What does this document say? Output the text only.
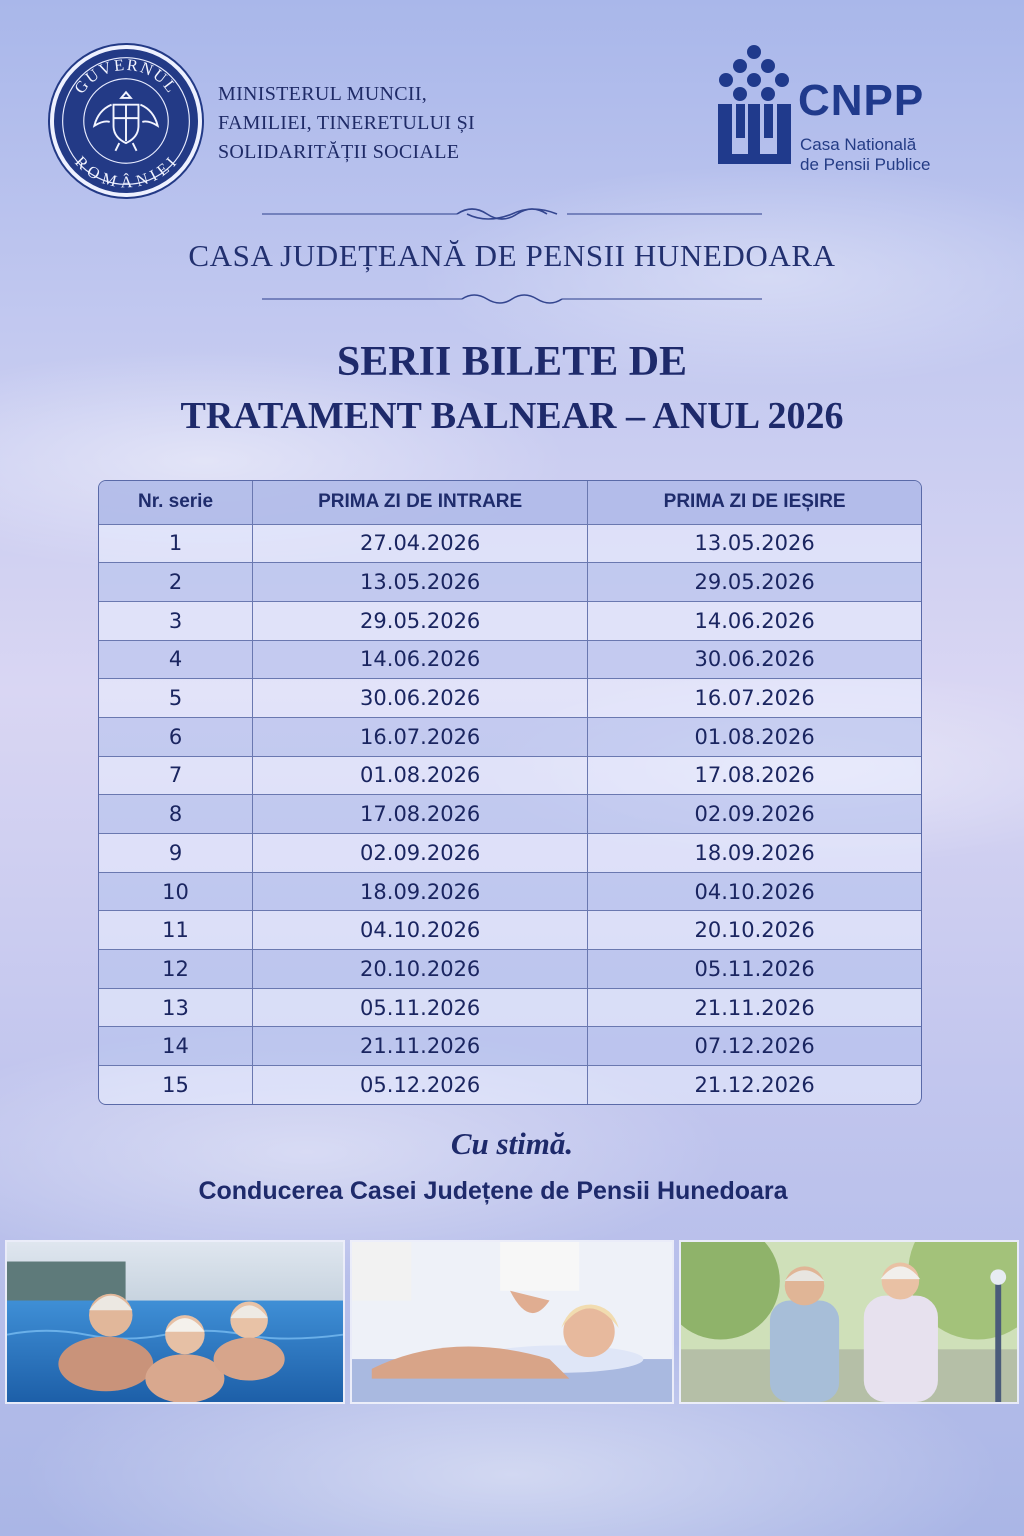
GUVERNUL
ROMÂNIEI
MINISTERUL MUNCII,
FAMILIEI, TINERETULUI ȘI
SOLIDARITĂȚII SOCIALE
CNPP
Casa Natională
de Pensii Publice
CASA JUDEȚEANĂ DE PENSII HUNEDOARA
SERII BILETE DE
TRATAMENT BALNEAR – ANUL 2026
Nr. serie	PRIMA ZI DE INTRARE	PRIMA ZI DE IEȘIRE
1	27.04.2026	13.05.2026
2	13.05.2026	29.05.2026
3	29.05.2026	14.06.2026
4	14.06.2026	30.06.2026
5	30.06.2026	16.07.2026
6	16.07.2026	01.08.2026
7	01.08.2026	17.08.2026
8	17.08.2026	02.09.2026
9	02.09.2026	18.09.2026
10	18.09.2026	04.10.2026
11	04.10.2026	20.10.2026
12	20.10.2026	05.11.2026
13	05.11.2026	21.11.2026
14	21.11.2026	07.12.2026
15	05.12.2026	21.12.2026
Cu stimă.
Conducerea Casei Județene de Pensii Hunedoara
